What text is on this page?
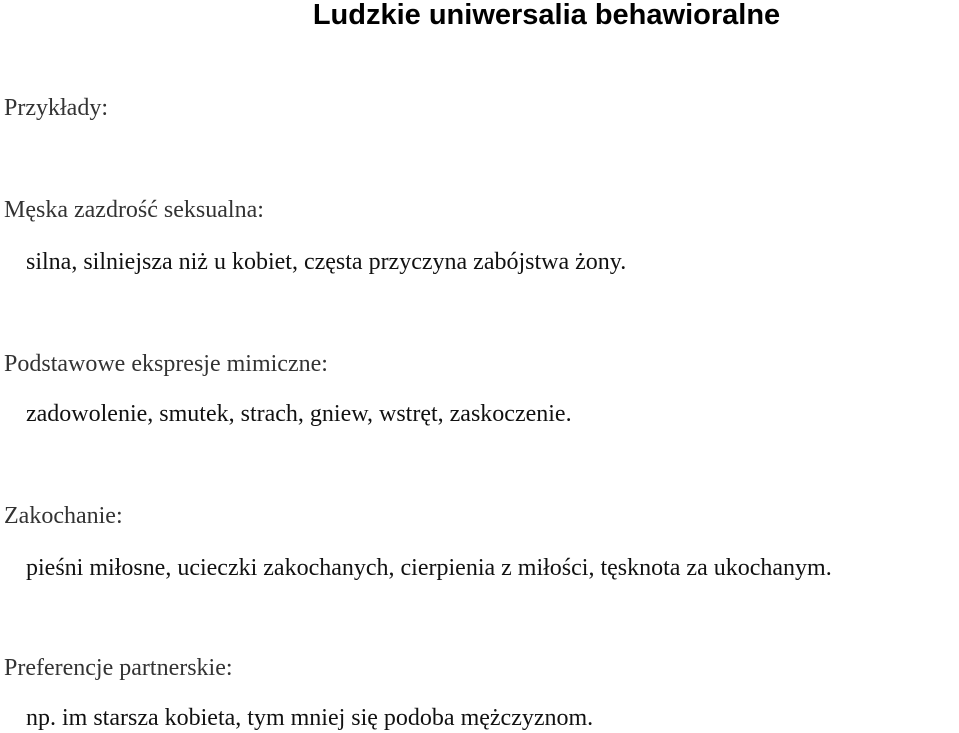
Ludzkie uniwersalia behawioralne
Przykłady:
Męska zazdrość seksualna:
silna, silniejsza niż u kobiet, częsta przyczyna zabójstwa żony.
Podstawowe ekspresje mimiczne:
zadowolenie, smutek, strach, gniew, wstręt, zaskoczenie.
Zakochanie:
pieśni miłosne, ucieczki zakochanych, cierpienia z miłości, tęsknota za ukochanym.
Preferencje partnerskie:
np. im starsza kobieta, tym mniej się podoba mężczyznom.
